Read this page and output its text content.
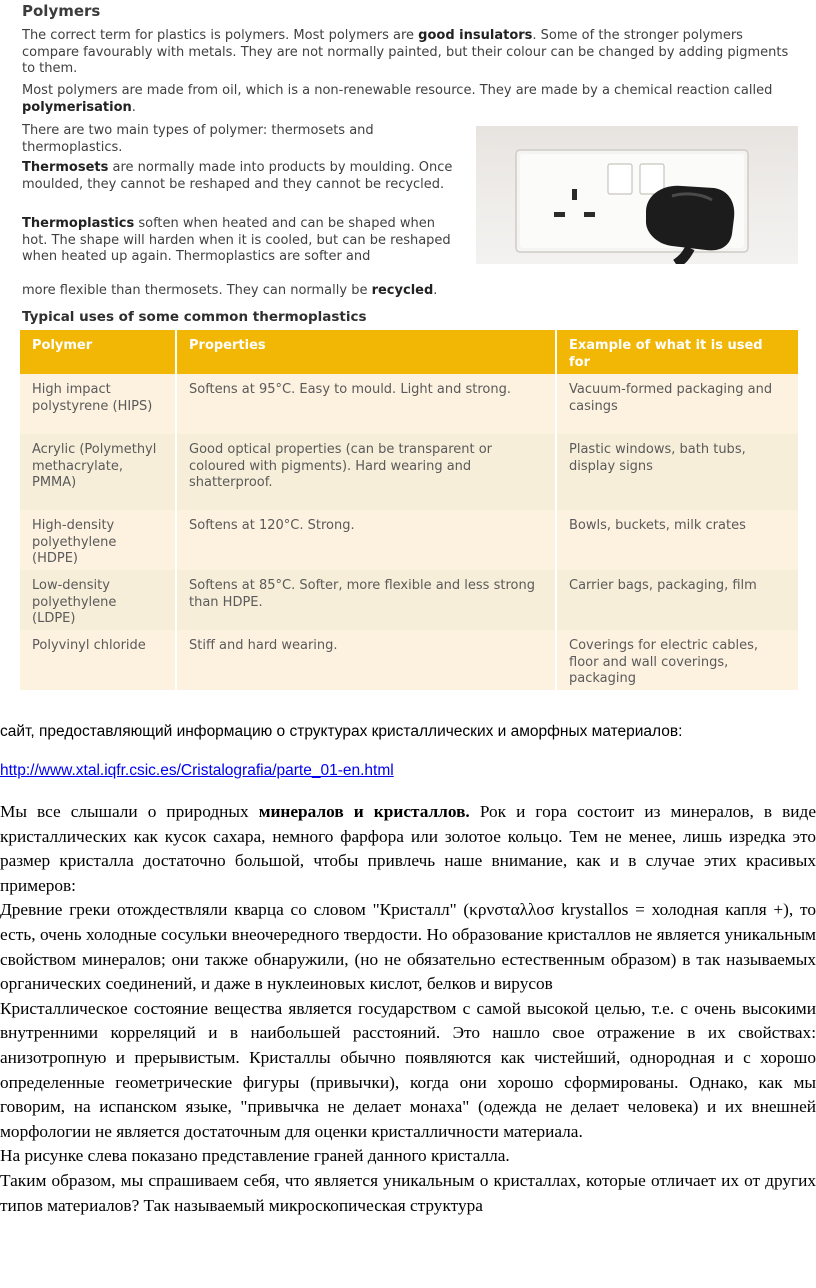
Polymers
The correct term for plastics is polymers. Most polymers are good insulators. Some of the stronger polymers compare favourably with metals. They are not normally painted, but their colour can be changed by adding pigments to them.
Most polymers are made from oil, which is a non-renewable resource. They are made by a chemical reaction called polymerisation.
There are two main types of polymer: thermosets and thermoplastics.
Thermosets are normally made into products by moulding. Once moulded, they cannot be reshaped and they cannot be recycled.
Thermoplastics soften when heated and can be shaped when hot. The shape will harden when it is cooled, but can be reshaped when heated up again. Thermoplastics are softer and
more flexible than thermosets. They can normally be recycled.
Typical uses of some common thermoplastics
Polymer	Properties	Example of what it is used for
High impact polystyrene (HIPS)	Softens at 95°C. Easy to mould. Light and strong.	Vacuum-formed packaging and casings
Acrylic (Polymethyl methacrylate, PMMA)	Good optical properties (can be transparent or coloured with pigments). Hard wearing and shatterproof.	Plastic windows, bath tubs, display signs
High-density polyethylene (HDPE)	Softens at 120°C. Strong.	Bowls, buckets, milk crates
Low-density polyethylene (LDPE)	Softens at 85°C. Softer, more flexible and less strong than HDPE.	Carrier bags, packaging, film
Polyvinyl chloride	Stiff and hard wearing.	Coverings for electric cables, floor and wall coverings, packaging
сайт, предоставляющий информацию о структурах кристаллических и аморфных материалов:
http://www.xtal.iqfr.csic.es/Cristalografia/parte_01-en.html

Мы все слышали о природных минералов и кристаллов. Рок и гора состоит из минералов, в виде кристаллических как кусок сахара, немного фарфора или золотое кольцо. Тем не менее, лишь изредка это размер кристалла достаточно большой, чтобы привлечь наше внимание, как и в случае этих красивых примеров:

Древние греки отождествляли кварца со словом "Кристалл" (κρνσταλλοσ krystallos = холодная капля +), то есть, очень холодные сосульки внеочередного твердости. Но образование кристаллов не является уникальным свойством минералов; они также обнаружили, (но не обязательно естественным образом) в так называемых органических соединений, и даже в нуклеиновых кислот, белков и вирусов

Кристаллическое состояние вещества является государством с самой высокой целью, т.е. с очень высокими внутренними корреляций и в наибольшей расстояний. Это нашло свое отражение в их свойствах: анизотропную и прерывистым. Кристаллы обычно появляются как чистейший, однородная и с хорошо определенные геометрические фигуры (привычки), когда они хорошо сформированы. Однако, как мы говорим, на испанском языке, "привычка не делает монаха" (одежда не делает человека) и их внешней морфологии не является достаточным для оценки кристалличности материала.

На рисунке слева показано представление граней данного кристалла.

Таким образом, мы спрашиваем себя, что является уникальным о кристаллах, которые отличает их от других типов материалов? Так называемый микроскопическая структура
